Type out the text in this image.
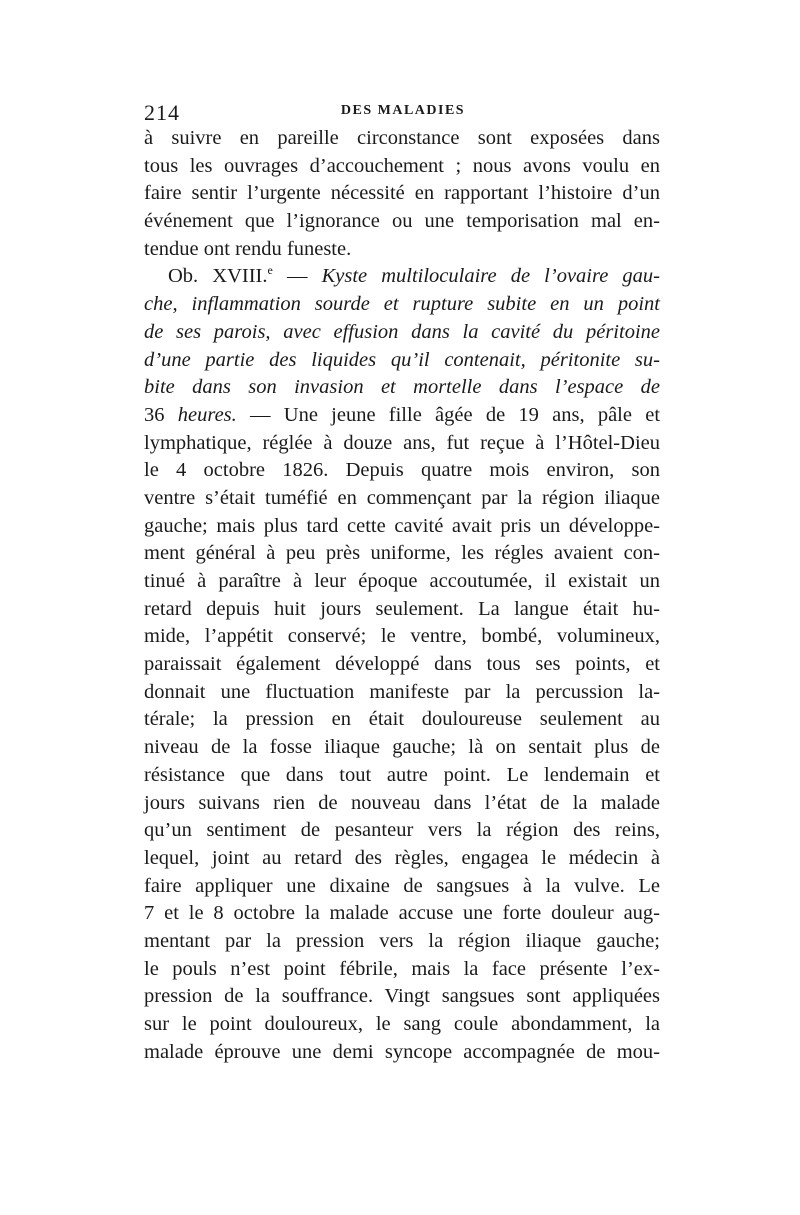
214	DES MALADIES
à suivre en pareille circonstance sont exposées dans
tous les ouvrages d’accouchement ; nous avons voulu en
faire sentir l’urgente nécessité en rapportant l’histoire d’un
événement que l’ignorance ou une temporisation mal en-
tendue ont rendu funeste.
Ob. XVIII.$^e$ — Kyste multiloculaire de l’ovaire gau-
che, inflammation sourde et rupture subite en un point
de ses parois, avec effusion dans la cavité du péritoine
d’une partie des liquides qu’il contenait, péritonite su-
bite dans son invasion et mortelle dans l’espace de
36 heures. — Une jeune fille âgée de 19 ans, pâle et
lymphatique, réglée à douze ans, fut reçue à l’Hôtel-Dieu
le 4 octobre 1826. Depuis quatre mois environ, son
ventre s’était tuméfié en commençant par la région iliaque
gauche; mais plus tard cette cavité avait pris un développe-
ment général à peu près uniforme, les régles avaient con-
tinué à paraître à leur époque accoutumée, il existait un
retard depuis huit jours seulement. La langue était hu-
mide, l’appétit conservé; le ventre, bombé, volumineux,
paraissait également développé dans tous ses points, et
donnait une fluctuation manifeste par la percussion la-
térale; la pression en était douloureuse seulement au
niveau de la fosse iliaque gauche; là on sentait plus de
résistance que dans tout autre point. Le lendemain et
jours suivans rien de nouveau dans l’état de la malade
qu’un sentiment de pesanteur vers la région des reins,
lequel, joint au retard des règles, engagea le médecin à
faire appliquer une dixaine de sangsues à la vulve. Le
7 et le 8 octobre la malade accuse une forte douleur aug-
mentant par la pression vers la région iliaque gauche;
le pouls n’est point fébrile, mais la face présente l’ex-
pression de la souffrance. Vingt sangsues sont appliquées
sur le point douloureux, le sang coule abondamment, la
malade éprouve une demi syncope accompagnée de mou-
